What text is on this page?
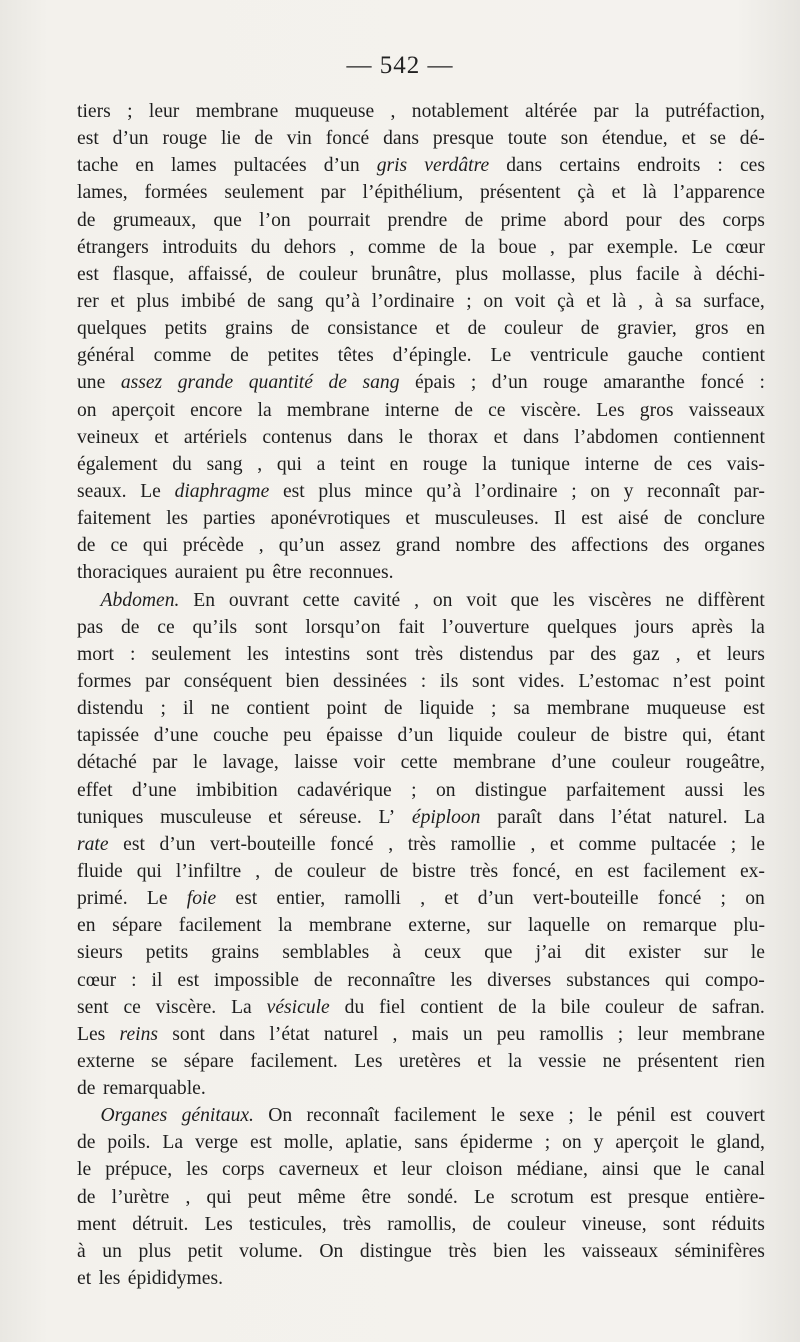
— 542 —
tiers ; leur membrane muqueuse , notablement altérée par la putréfaction,
est d’un rouge lie de vin foncé dans presque toute son étendue, et se dé-
tache en lames pultacées d’un gris verdâtre dans certains endroits : ces
lames, formées seulement par l’épithélium, présentent çà et là l’apparence
de grumeaux, que l’on pourrait prendre de prime abord pour des corps
étrangers introduits du dehors , comme de la boue , par exemple. Le cœur
est flasque, affaissé, de couleur brunâtre, plus mollasse, plus facile à déchi-
rer et plus imbibé de sang qu’à l’ordinaire ; on voit çà et là , à sa surface,
quelques petits grains de consistance et de couleur de gravier, gros en
général comme de petites têtes d’épingle. Le ventricule gauche contient
une assez grande quantité de sang épais ; d’un rouge amaranthe foncé :
on aperçoit encore la membrane interne de ce viscère. Les gros vaisseaux
veineux et artériels contenus dans le thorax et dans l’abdomen contiennent
également du sang , qui a teint en rouge la tunique interne de ces vais-
seaux. Le diaphragme est plus mince qu’à l’ordinaire ; on y reconnaît par-
faitement les parties aponévrotiques et musculeuses. Il est aisé de conclure
de ce qui précède , qu’un assez grand nombre des affections des organes
thoraciques auraient pu être reconnues.
Abdomen. En ouvrant cette cavité , on voit que les viscères ne diffèrent
pas de ce qu’ils sont lorsqu’on fait l’ouverture quelques jours après la
mort : seulement les intestins sont très distendus par des gaz , et leurs
formes par conséquent bien dessinées : ils sont vides. L’estomac n’est point
distendu ; il ne contient point de liquide ; sa membrane muqueuse est
tapissée d’une couche peu épaisse d’un liquide couleur de bistre qui, étant
détaché par le lavage, laisse voir cette membrane d’une couleur rougeâtre,
effet d’une imbibition cadavérique ; on distingue parfaitement aussi les
tuniques musculeuse et séreuse. L’ épiploon paraît dans l’état naturel. La
rate est d’un vert-bouteille foncé , très ramollie , et comme pultacée ; le
fluide qui l’infiltre , de couleur de bistre très foncé, en est facilement ex-
primé. Le foie est entier, ramolli , et d’un vert-bouteille foncé ; on
en sépare facilement la membrane externe, sur laquelle on remarque plu-
sieurs petits grains semblables à ceux que j’ai dit exister sur le
cœur : il est impossible de reconnaître les diverses substances qui compo-
sent ce viscère. La vésicule du fiel contient de la bile couleur de safran.
Les reins sont dans l’état naturel , mais un peu ramollis ; leur membrane
externe se sépare facilement. Les uretères et la vessie ne présentent rien
de remarquable.
Organes génitaux. On reconnaît facilement le sexe ; le pénil est couvert
de poils. La verge est molle, aplatie, sans épiderme ; on y aperçoit le gland,
le prépuce, les corps caverneux et leur cloison médiane, ainsi que le canal
de l’urètre , qui peut même être sondé. Le scrotum est presque entière-
ment détruit. Les testicules, très ramollis, de couleur vineuse, sont réduits
à un plus petit volume. On distingue très bien les vaisseaux séminifères
et les épididymes.
